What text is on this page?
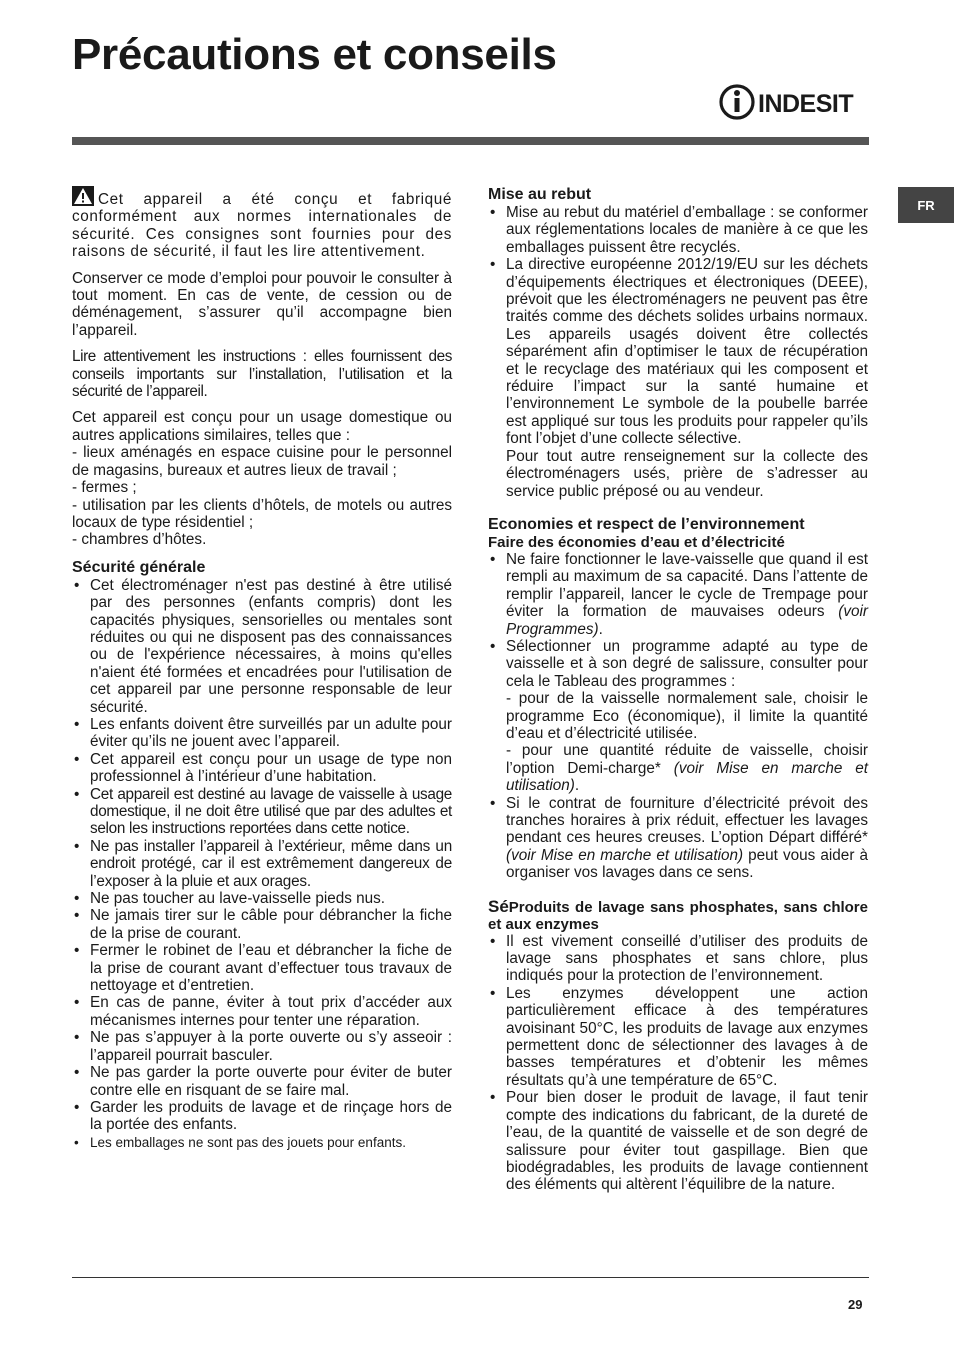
Précautions et conseils
INDESIT
FR

Cet appareil a été conçu et fabriqué conformément aux normes internationales de sécurité. Ces consignes sont fournies pour des raisons de sécurité, il faut les lire attentivement.

Conserver ce mode d’emploi pour pouvoir le consulter à tout moment. En cas de vente, de cession ou de déménagement, s’assurer qu’il accompagne bien l’appareil.

Lire attentivement les instructions : elles fournissent des conseils importants sur l’installation, l’utilisation et la sécurité de l’appareil.

Cet appareil est conçu pour un usage domestique ou autres applications similaires, telles que :

- lieux aménagés en espace cuisine pour le personnel de magasins, bureaux et autres lieux de travail ;
- fermes ;
- utilisation par les clients d’hôtels, de motels ou autres locaux de type résidentiel ;
- chambres d’hôtes.
Sécurité générale
• Cet électroménager n'est pas destiné à être utilisé par des personnes (enfants compris) dont les capacités physiques, sensorielles ou mentales sont réduites ou qui ne disposent pas des connaissances ou de l'expérience nécessaires, à moins qu'elles n'aient été formées et encadrées pour l'utilisation de cet appareil par une personne responsable de leur sécurité.
• Les enfants doivent être surveillés par un adulte pour éviter qu’ils ne jouent avec l’appareil.
• Cet appareil est conçu pour un usage de type non professionnel à l’intérieur d’une habitation.
• Cet appareil est destiné au lavage de vaisselle à usage domestique, il ne doit être utilisé que par des adultes et selon les instructions reportées dans cette notice.
• Ne pas installer l’appareil à l’extérieur, même dans un endroit protégé, car il est extrêmement dangereux de l’exposer à la pluie et aux orages.
• Ne pas toucher au lave-vaisselle pieds nus.
• Ne jamais tirer sur le câble pour débrancher la fiche de la prise de courant.
• Fermer le robinet de l’eau et débrancher la fiche de la prise de courant avant d’effectuer tous travaux de nettoyage et d’entretien.
• En cas de panne, éviter à tout prix d’accéder aux mécanismes internes pour tenter une réparation.
• Ne pas s’appuyer à la porte ouverte ou s’y asseoir : l’appareil pourrait basculer.
• Ne pas garder la porte ouverte pour éviter de buter contre elle en risquant de se faire mal.
• Garder les produits de lavage et de rinçage hors de la portée des enfants.
• Les emballages ne sont pas des jouets pour enfants.
Mise au rebut
• Mise au rebut du matériel d’emballage : se conformer aux réglementations locales de manière à ce que les emballages puissent être recyclés.
• La directive européenne 2012/19/EU sur les déchets d’équipements électriques et électroniques (DEEE), prévoit que les électroménagers ne peuvent pas être traités comme des déchets solides urbains normaux. Les appareils usagés doivent être collectés séparément afin d’optimiser le taux de récupération et le recyclage des matériaux qui les composent et réduire l’impact sur la santé humaine et l’environnement Le symbole de la poubelle barrée est appliqué sur tous les produits pour rappeler qu’ils font l’objet d’une collecte sélective.
Pour tout autre renseignement sur la collecte des électroménagers usés, prière de s’adresser au service public préposé ou au vendeur.
Economies et respect de l’environnement
Faire des économies d’eau et d’électricité
• Ne faire fonctionner le lave-vaisselle que quand il est rempli au maximum de sa capacité. Dans l’attente de remplir l’appareil, lancer le cycle de Trempage pour éviter la formation de mauvaises odeurs (voir Programmes).
• Sélectionner un programme adapté au type de vaisselle et à son degré de salissure, consulter pour cela le Tableau des programmes :
- pour de la vaisselle normalement sale, choisir le programme Eco (économique), il limite la quantité d’eau et d’électricité utilisée.
- pour une quantité réduite de vaisselle, choisir l’option Demi-charge* (voir Mise en marche et utilisation).
• Si le contrat de fourniture d’électricité prévoit des tranches horaires à prix réduit, effectuer les lavages pendant ces heures creuses. L’option Départ différé* (voir Mise en marche et utilisation) peut vous aider à organiser vos lavages dans ce sens.
SéProduits de lavage sans phosphates, sans chlore et aux enzymes
• Il est vivement conseillé d’utiliser des produits de lavage sans phosphates et sans chlore, plus indiqués pour la protection de l’environnement.
• Les enzymes développent une action particulièrement efficace à des températures avoisinant 50°C, les produits de lavage aux enzymes permettent donc de sélectionner des lavages à de basses températures et d’obtenir les mêmes résultats qu’à une température de 65°C.
• Pour bien doser le produit de lavage, il faut tenir compte des indications du fabricant, de la dureté de l’eau, de la quantité de vaisselle et de son degré de salissure pour éviter tout gaspillage. Bien que biodégradables, les produits de lavage contiennent des éléments qui altèrent l’équilibre de la nature.
29
